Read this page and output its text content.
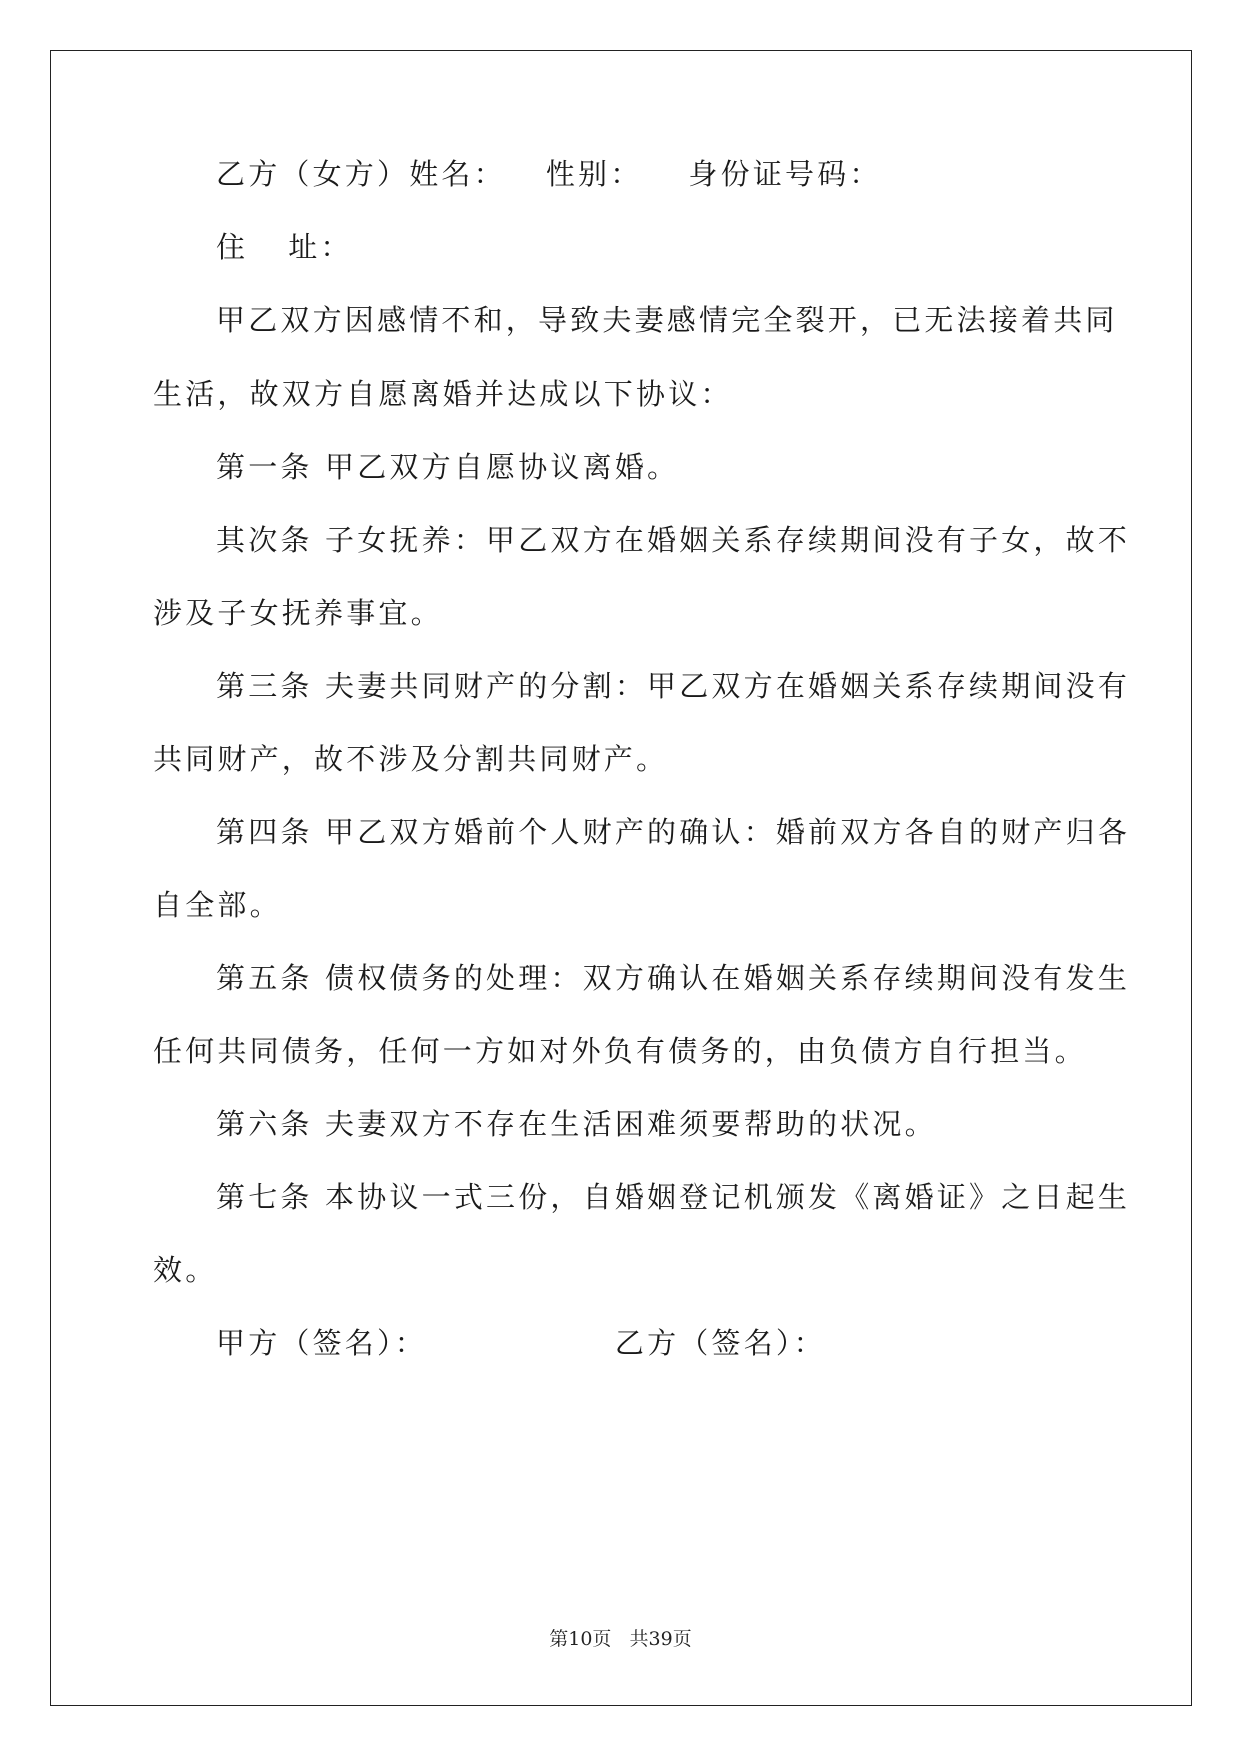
乙方（女方）姓名： 性别： 身份证号码：
住 址：
甲乙双方因感情不和，导致夫妻感情完全裂开，已无法接着共同
生活，故双方自愿离婚并达成以下协议：
第一条 甲乙双方自愿协议离婚。
其次条 子女抚养：甲乙双方在婚姻关系存续期间没有子女，故不
涉及子女抚养事宜。
第三条 夫妻共同财产的分割：甲乙双方在婚姻关系存续期间没有
共同财产，故不涉及分割共同财产。
第四条 甲乙双方婚前个人财产的确认：婚前双方各自的财产归各
自全部。
第五条 债权债务的处理：双方确认在婚姻关系存续期间没有发生
任何共同债务，任何一方如对外负有债务的，由负债方自行担当。
第六条 夫妻双方不存在生活困难须要帮助的状况。
第七条 本协议一式三份，自婚姻登记机颁发《离婚证》之日起生
效。
甲方（签名）：	乙方（签名）：
第10页   共39页
